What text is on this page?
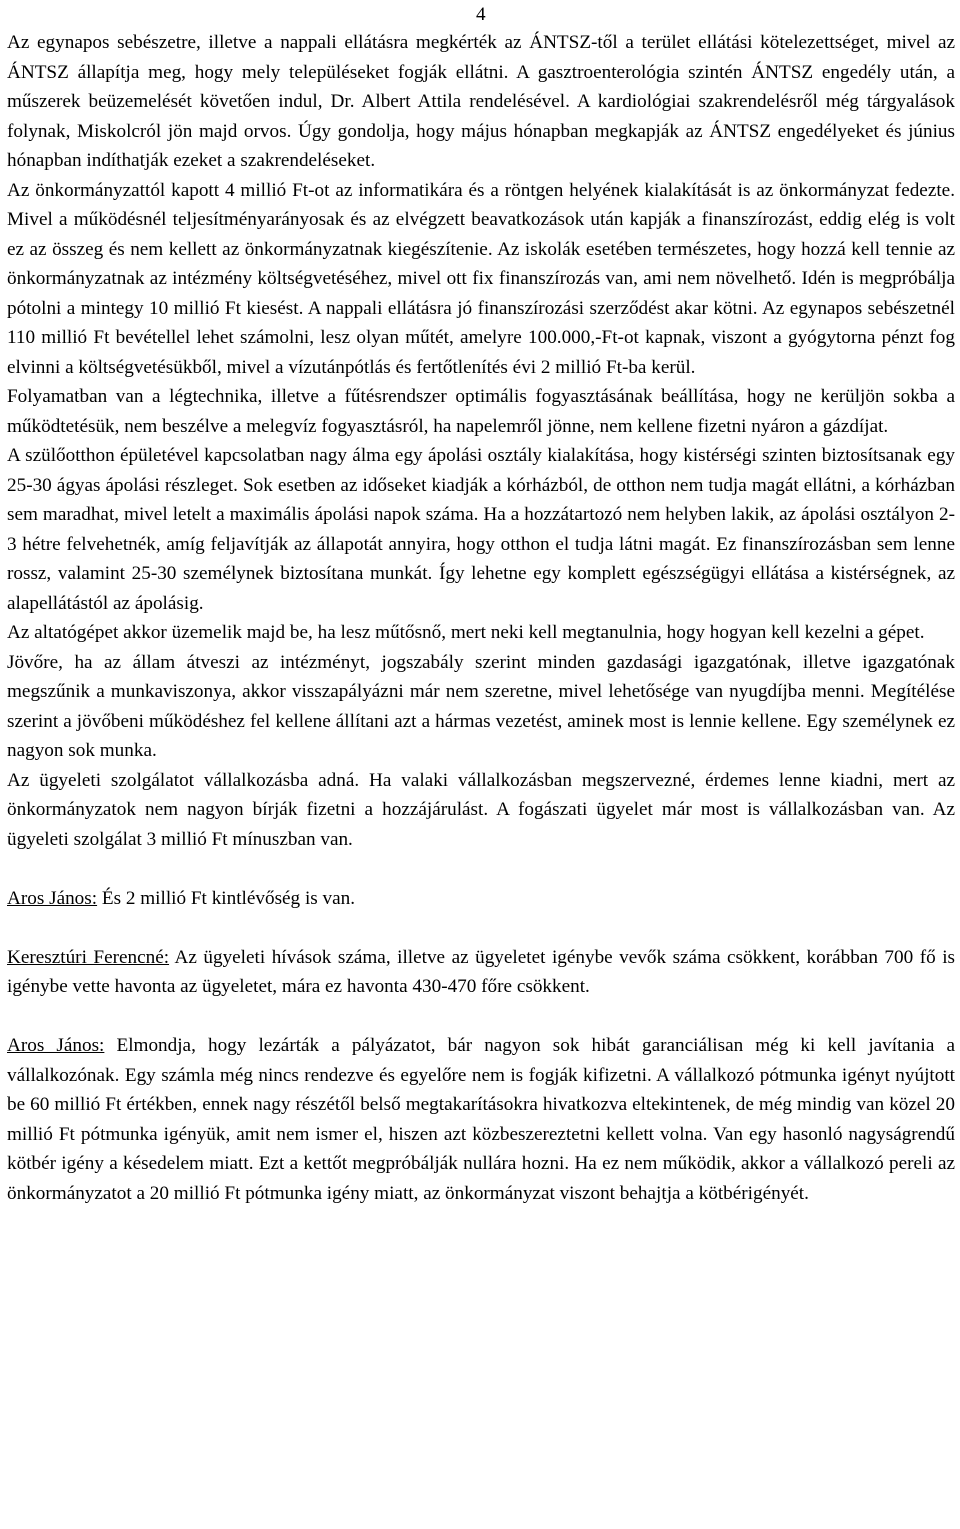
4

Az egynapos sebészetre, illetve a nappali ellátásra megkérték az ÁNTSZ-től a terület ellátási kötelezettséget, mivel az ÁNTSZ állapítja meg, hogy mely településeket fogják ellátni. A gasztroenterológia szintén ÁNTSZ engedély után, a műszerek beüzemelését követően indul, Dr. Albert Attila rendelésével. A kardiológiai szakrendelésről még tárgyalások folynak, Miskolcról jön majd orvos. Úgy gondolja, hogy május hónapban megkapják az ÁNTSZ engedélyeket és június hónapban indíthatják ezeket a szakrendeléseket.

Az önkormányzattól kapott 4 millió Ft-ot az informatikára és a röntgen helyének kialakítását is az önkormányzat fedezte. Mivel a működésnél teljesítményarányosak és az elvégzett beavatkozások után kapják a finanszírozást, eddig elég is volt ez az összeg és nem kellett az önkormányzatnak kiegészítenie. Az iskolák esetében természetes, hogy hozzá kell tennie az önkormányzatnak az intézmény költségvetéséhez, mivel ott fix finanszírozás van, ami nem növelhető. Idén is megpróbálja pótolni a mintegy 10 millió Ft kiesést. A nappali ellátásra jó finanszírozási szerződést akar kötni. Az egynapos sebészetnél 110 millió Ft bevétellel lehet számolni, lesz olyan műtét, amelyre 100.000,-Ft-ot kapnak, viszont a gyógytorna pénzt fog elvinni a költségvetésükből, mivel a vízutánpótlás és fertőtlenítés évi 2 millió Ft-ba kerül.

Folyamatban van a légtechnika, illetve a fűtésrendszer optimális fogyasztásának beállítása, hogy ne kerüljön sokba a működtetésük, nem beszélve a melegvíz fogyasztásról, ha napelemről jönne, nem kellene fizetni nyáron a gázdíjat.

A szülőotthon épületével kapcsolatban nagy álma egy ápolási osztály kialakítása, hogy kistérségi szinten biztosítsanak egy 25-30 ágyas ápolási részleget. Sok esetben az időseket kiadják a kórházból, de otthon nem tudja magát ellátni, a kórházban sem maradhat, mivel letelt a maximális ápolási napok száma. Ha a hozzátartozó nem helyben lakik, az ápolási osztályon 2-3 hétre felvehetnék, amíg feljavítják az állapotát annyira, hogy otthon el tudja látni magát. Ez finanszírozásban sem lenne rossz, valamint 25-30 személynek biztosítana munkát. Így lehetne egy komplett egészségügyi ellátása a kistérségnek, az alapellátástól az ápolásig.

Az altatógépet akkor üzemelik majd be, ha lesz műtősnő, mert neki kell megtanulnia, hogy hogyan kell kezelni a gépet.

Jövőre, ha az állam átveszi az intézményt, jogszabály szerint minden gazdasági igazgatónak, illetve igazgatónak megszűnik a munkaviszonya, akkor visszapályázni már nem szeretne, mivel lehetősége van nyugdíjba menni. Megítélése szerint a jövőbeni működéshez fel kellene állítani azt a hármas vezetést, aminek most is lennie kellene. Egy személynek ez nagyon sok munka.

Az ügyeleti szolgálatot vállalkozásba adná. Ha valaki vállalkozásban megszervezné, érdemes lenne kiadni, mert az önkormányzatok nem nagyon bírják fizetni a hozzájárulást. A fogászati ügyelet már most is vállalkozásban van. Az ügyeleti szolgálat 3 millió Ft mínuszban van.

Aros János: És 2 millió Ft kintlévőség is van.

Keresztúri Ferencné: Az ügyeleti hívások száma, illetve az ügyeletet igénybe vevők száma csökkent, korábban 700 fő is igénybe vette havonta az ügyeletet, mára ez havonta 430-470 főre csökkent.

Aros János: Elmondja, hogy lezárták a pályázatot, bár nagyon sok hibát garanciálisan még ki kell javítania a vállalkozónak. Egy számla még nincs rendezve és egyelőre nem is fogják kifizetni. A vállalkozó pótmunka igényt nyújtott be 60 millió Ft értékben, ennek nagy részétől belső megtakarításokra hivatkozva eltekintenek, de még mindig van közel 20 millió Ft pótmunka igényük, amit nem ismer el, hiszen azt közbeszereztetni kellett volna. Van egy hasonló nagyságrendű kötbér igény a késedelem miatt. Ezt a kettőt megpróbálják nullára hozni. Ha ez nem működik, akkor a vállalkozó pereli az önkormányzatot a 20 millió Ft pótmunka igény miatt, az önkormányzat viszont behajtja a kötbérigényét.
